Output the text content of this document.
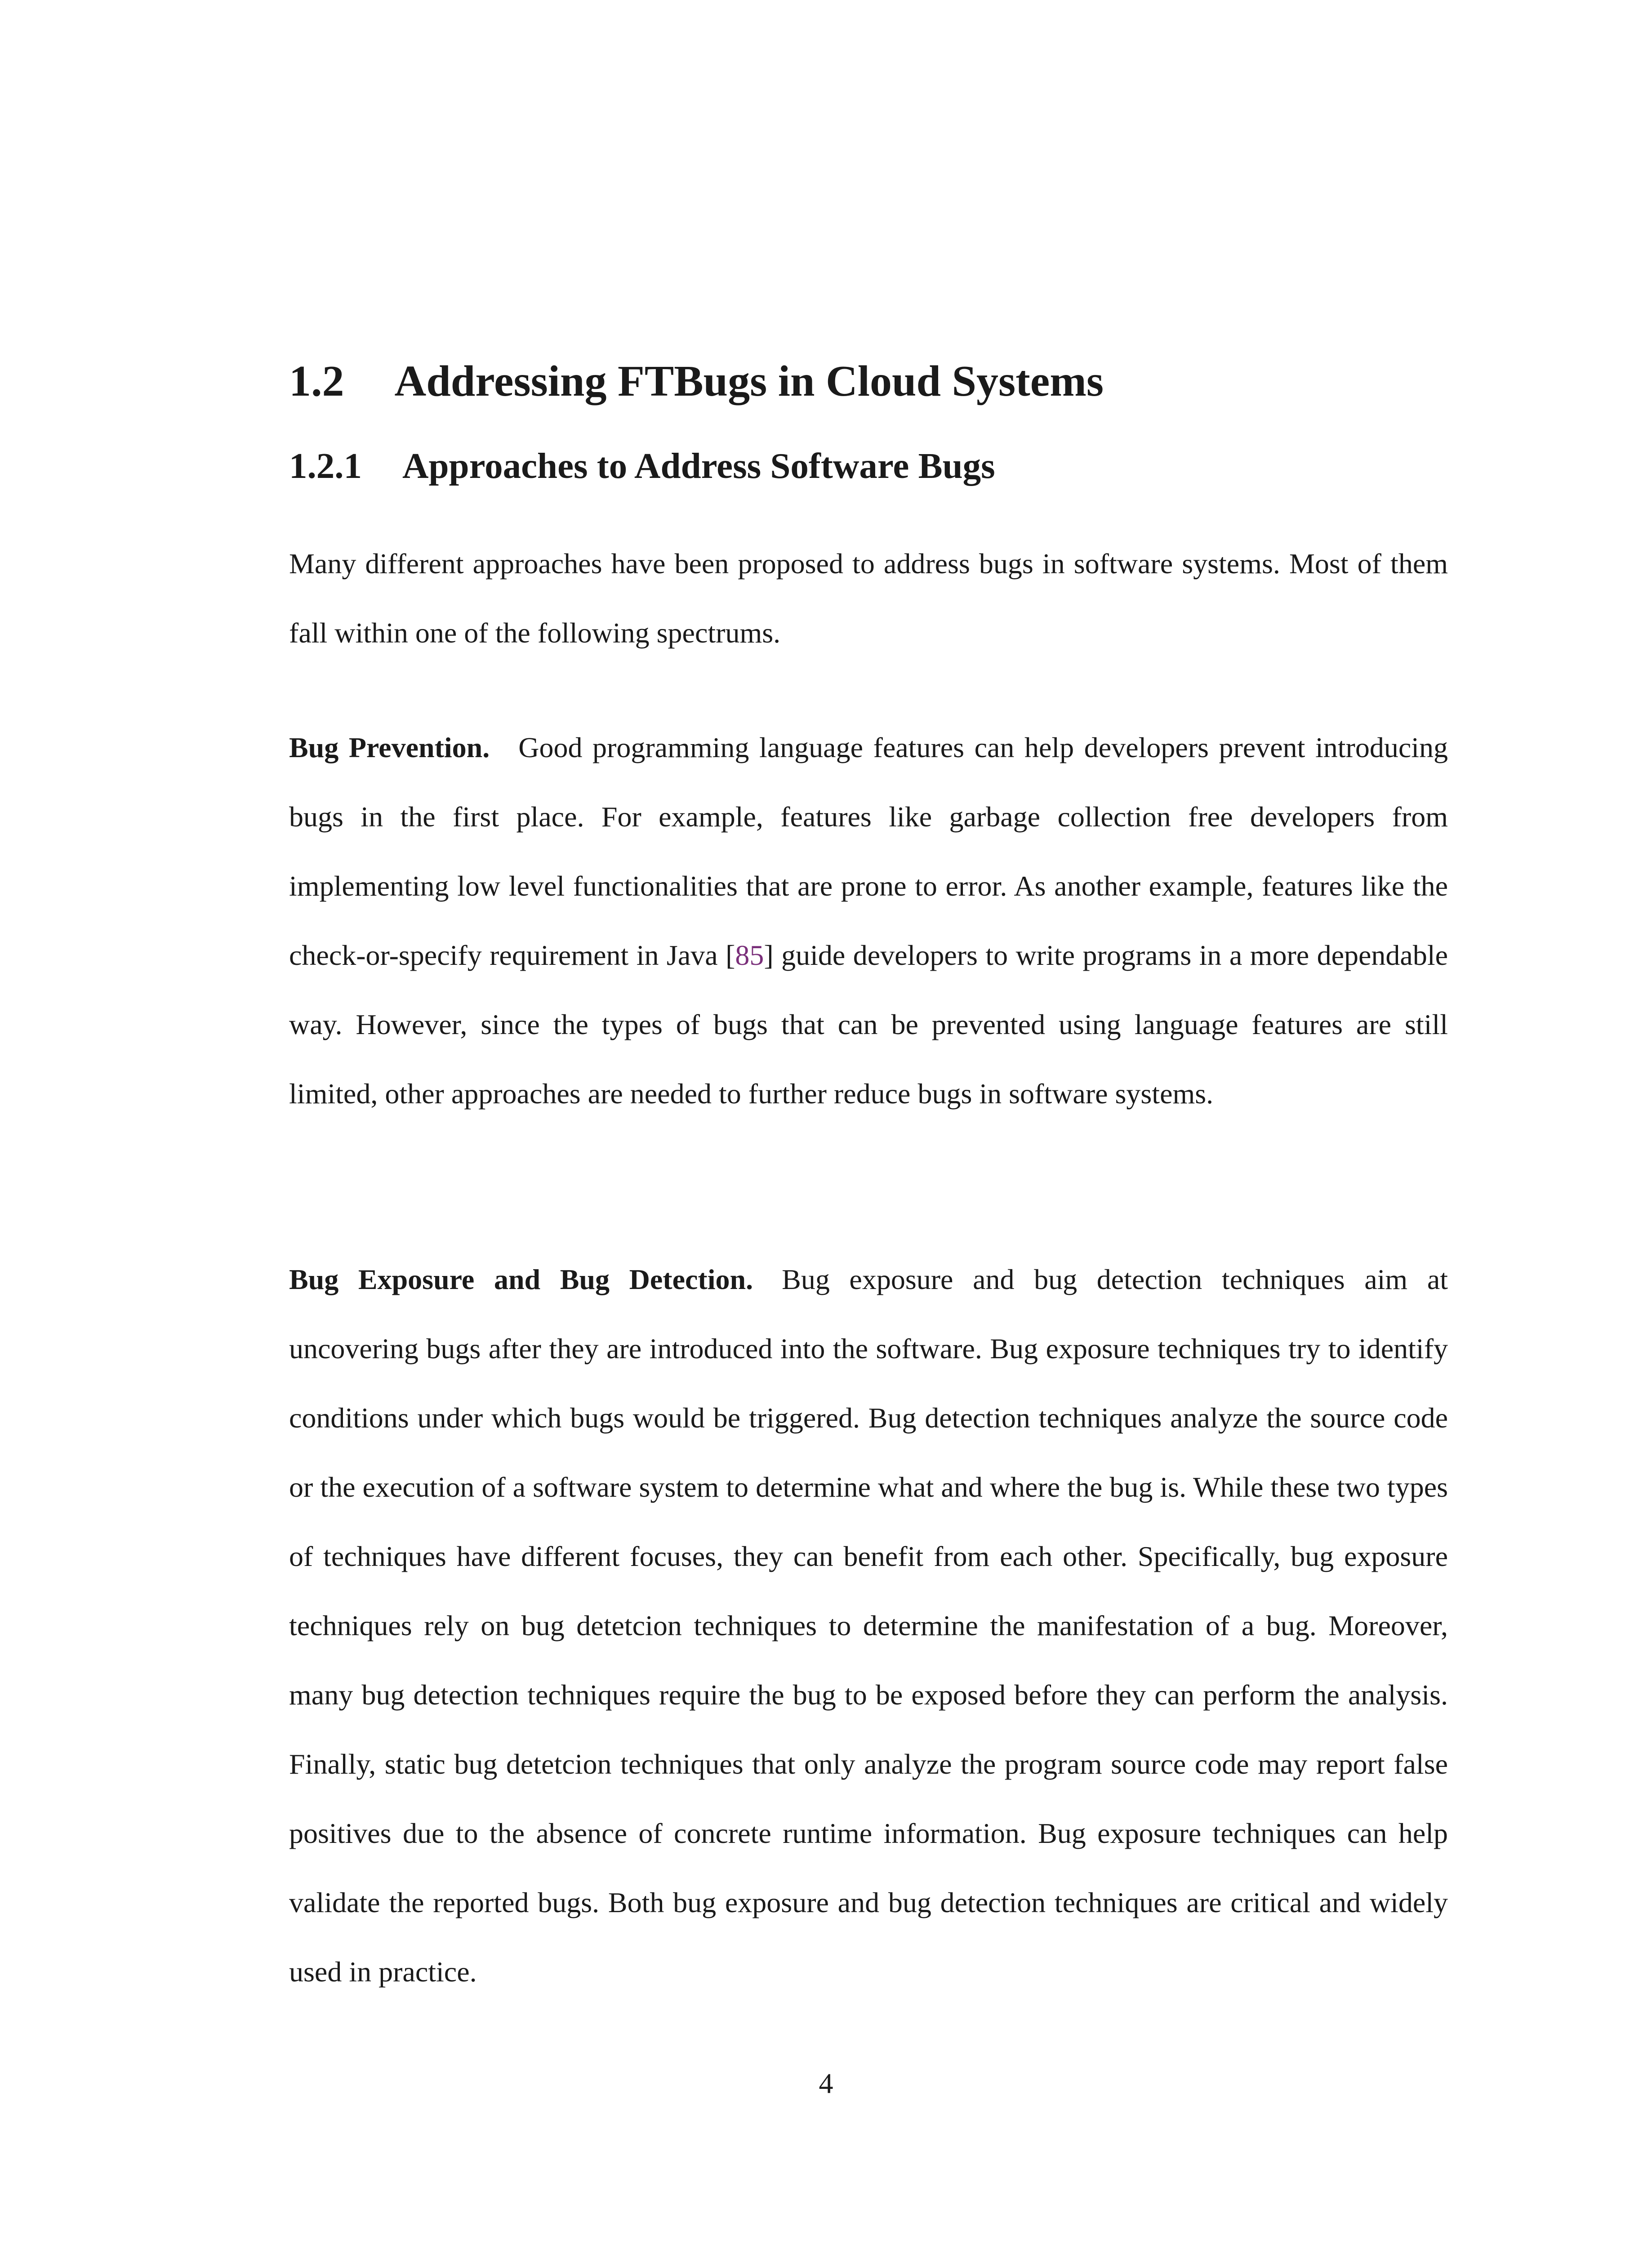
1.2 Addressing FTBugs in Cloud Systems
1.2.1 Approaches to Address Software Bugs

Many different approaches have been proposed to address bugs in software systems. Most of them fall within one of the following spectrums.

Bug Prevention. Good programming language features can help developers prevent introducing bugs in the first place. For example, features like garbage collection free developers from implementing low level functionalities that are prone to error. As another example, features like the check-or-specify requirement in Java [85] guide developers to write programs in a more dependable way. However, since the types of bugs that can be prevented using language features are still limited, other approaches are needed to further reduce bugs in software systems.

Bug Exposure and Bug Detection. Bug exposure and bug detection techniques aim at uncovering bugs after they are introduced into the software. Bug exposure techniques try to identify conditions under which bugs would be triggered. Bug detection techniques analyze the source code or the execution of a software system to determine what and where the bug is. While these two types of techniques have different focuses, they can benefit from each other. Specifically, bug exposure techniques rely on bug detetcion techniques to determine the manifestation of a bug. Moreover, many bug detection techniques require the bug to be exposed before they can perform the analysis. Finally, static bug detetcion techniques that only analyze the program source code may report false positives due to the absence of concrete runtime information. Bug exposure techniques can help validate the reported bugs. Both bug exposure and bug detection techniques are critical and widely used in practice.

4
